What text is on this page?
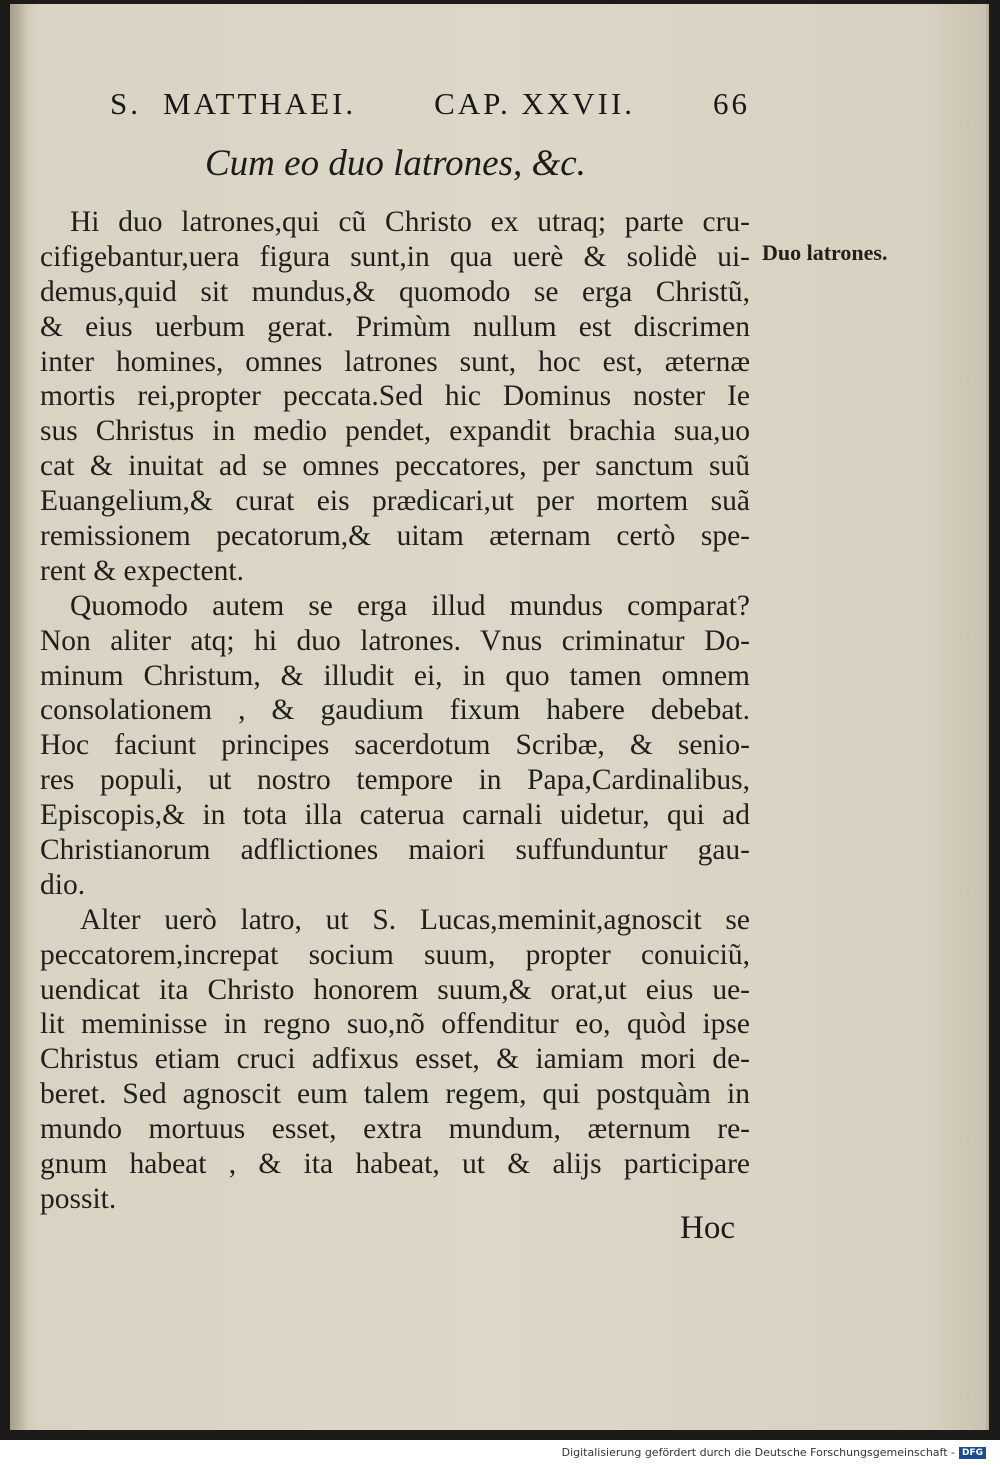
S. MATTHAEI.	CAP. XXVII.	66
Cum eo duo latrones, &c.
Duo latrones.
Hi duo latrones,qui cũ Christo ex utraq; parte cru-
cifigebantur,uera figura sunt,in qua uerè & solidè ui-
demus,quid sit mundus,& quomodo se erga Christũ,
& eius uerbum gerat. Primùm nullum est discrimen
inter homines, omnes latrones sunt, hoc est, æternæ
mortis rei,propter peccata.Sed hic Dominus noster Ie
sus Christus in medio pendet, expandit brachia sua,uo
cat & inuitat ad se omnes peccatores, per sanctum suũ
Euangelium,& curat eis prædicari,ut per mortem suã
remissionem pecatorum,& uitam æternam certò spe-
rent & expectent.
Quomodo autem se erga illud mundus comparat?
Non aliter atq; hi duo latrones. Vnus criminatur Do-
minum Christum, & illudit ei, in quo tamen omnem
consolationem , & gaudium fixum habere debebat.
Hoc faciunt principes sacerdotum Scribæ, & senio-
res populi, ut nostro tempore in Papa,Cardinalibus,
Episcopis,& in tota illa caterua carnali uidetur, qui ad
Christianorum adflictiones maiori suffunduntur gau-
dio.
Alter uerò latro, ut S. Lucas,meminit,agnoscit se
peccatorem,increpat socium suum, propter conuiciũ,
uendicat ita Christo honorem suum,& orat,ut eius ue-
lit meminisse in regno suo,nõ offenditur eo, quòd ipse
Christus etiam cruci adfixus esset, & iamiam mori de-
beret. Sed agnoscit eum talem regem, qui postquàm in
mundo mortuus esset, extra mundum, æternum re-
gnum habeat , & ita habeat, ut & alijs participare
possit.
Hoc
Digitalisierung gefördert durch die Deutsche Forschungsgemeinschaft - DFG
